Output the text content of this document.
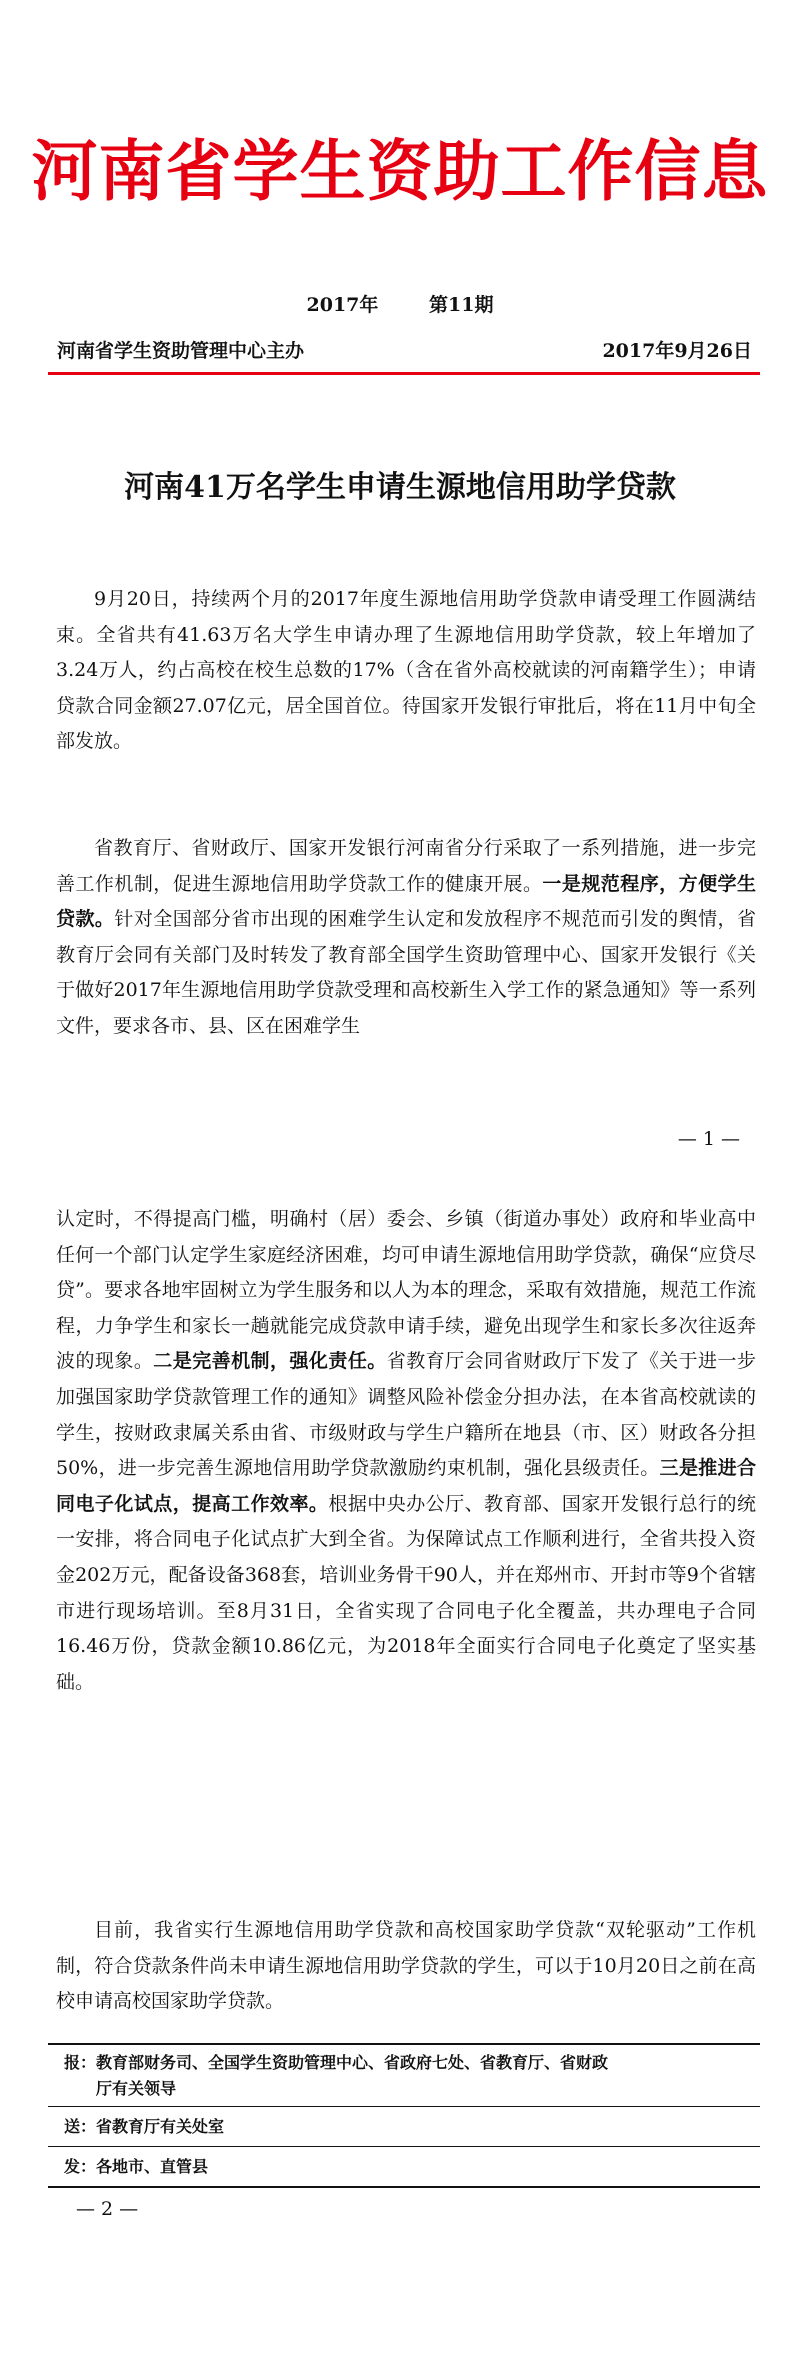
河南省学生资助工作信息
2017年	第11期
河南省学生资助管理中心主办	2017年9月26日
河南41万名学生申请生源地信用助学贷款

9月20日，持续两个月的2017年度生源地信用助学贷款申请受理工作圆满结束。全省共有41.63万名大学生申请办理了生源地信用助学贷款，较上年增加了3.24万人，约占高校在校生总数的17%（含在省外高校就读的河南籍学生）；申请贷款合同金额27.07亿元，居全国首位。待国家开发银行审批后，将在11月中旬全部发放。

省教育厅、省财政厅、国家开发银行河南省分行采取了一系列措施，进一步完善工作机制，促进生源地信用助学贷款工作的健康开展。一是规范程序，方便学生贷款。针对全国部分省市出现的困难学生认定和发放程序不规范而引发的舆情，省教育厅会同有关部门及时转发了教育部全国学生资助管理中心、国家开发银行《关于做好2017年生源地信用助学贷款受理和高校新生入学工作的紧急通知》等一系列文件，要求各市、县、区在困难学生

— 1 —

认定时，不得提高门槛，明确村（居）委会、乡镇（街道办事处）政府和毕业高中任何一个部门认定学生家庭经济困难，均可申请生源地信用助学贷款，确保“应贷尽贷”。要求各地牢固树立为学生服务和以人为本的理念，采取有效措施，规范工作流程，力争学生和家长一趟就能完成贷款申请手续，避免出现学生和家长多次往返奔波的现象。二是完善机制，强化责任。省教育厅会同省财政厅下发了《关于进一步加强国家助学贷款管理工作的通知》调整风险补偿金分担办法，在本省高校就读的学生，按财政隶属关系由省、市级财政与学生户籍所在地县（市、区）财政各分担50%，进一步完善生源地信用助学贷款激励约束机制，强化县级责任。三是推进合同电子化试点，提高工作效率。根据中央办公厅、教育部、国家开发银行总行的统一安排，将合同电子化试点扩大到全省。为保障试点工作顺利进行，全省共投入资金202万元，配备设备368套，培训业务骨干90人，并在郑州市、开封市等9个省辖市进行现场培训。至8月31日，全省实现了合同电子化全覆盖，共办理电子合同16.46万份，贷款金额10.86亿元，为2018年全面实行合同电子化奠定了坚实基础。

目前，我省实行生源地信用助学贷款和高校国家助学贷款“双轮驱动”工作机制，符合贷款条件尚未申请生源地信用助学贷款的学生，可以于10月20日之前在高校申请高校国家助学贷款。

报：教育部财务司、全国学生资助管理中心、省政府七处、省教育厅、省财政
厅有关领导
送：省教育厅有关处室
发：各地市、直管县
— 2 —
